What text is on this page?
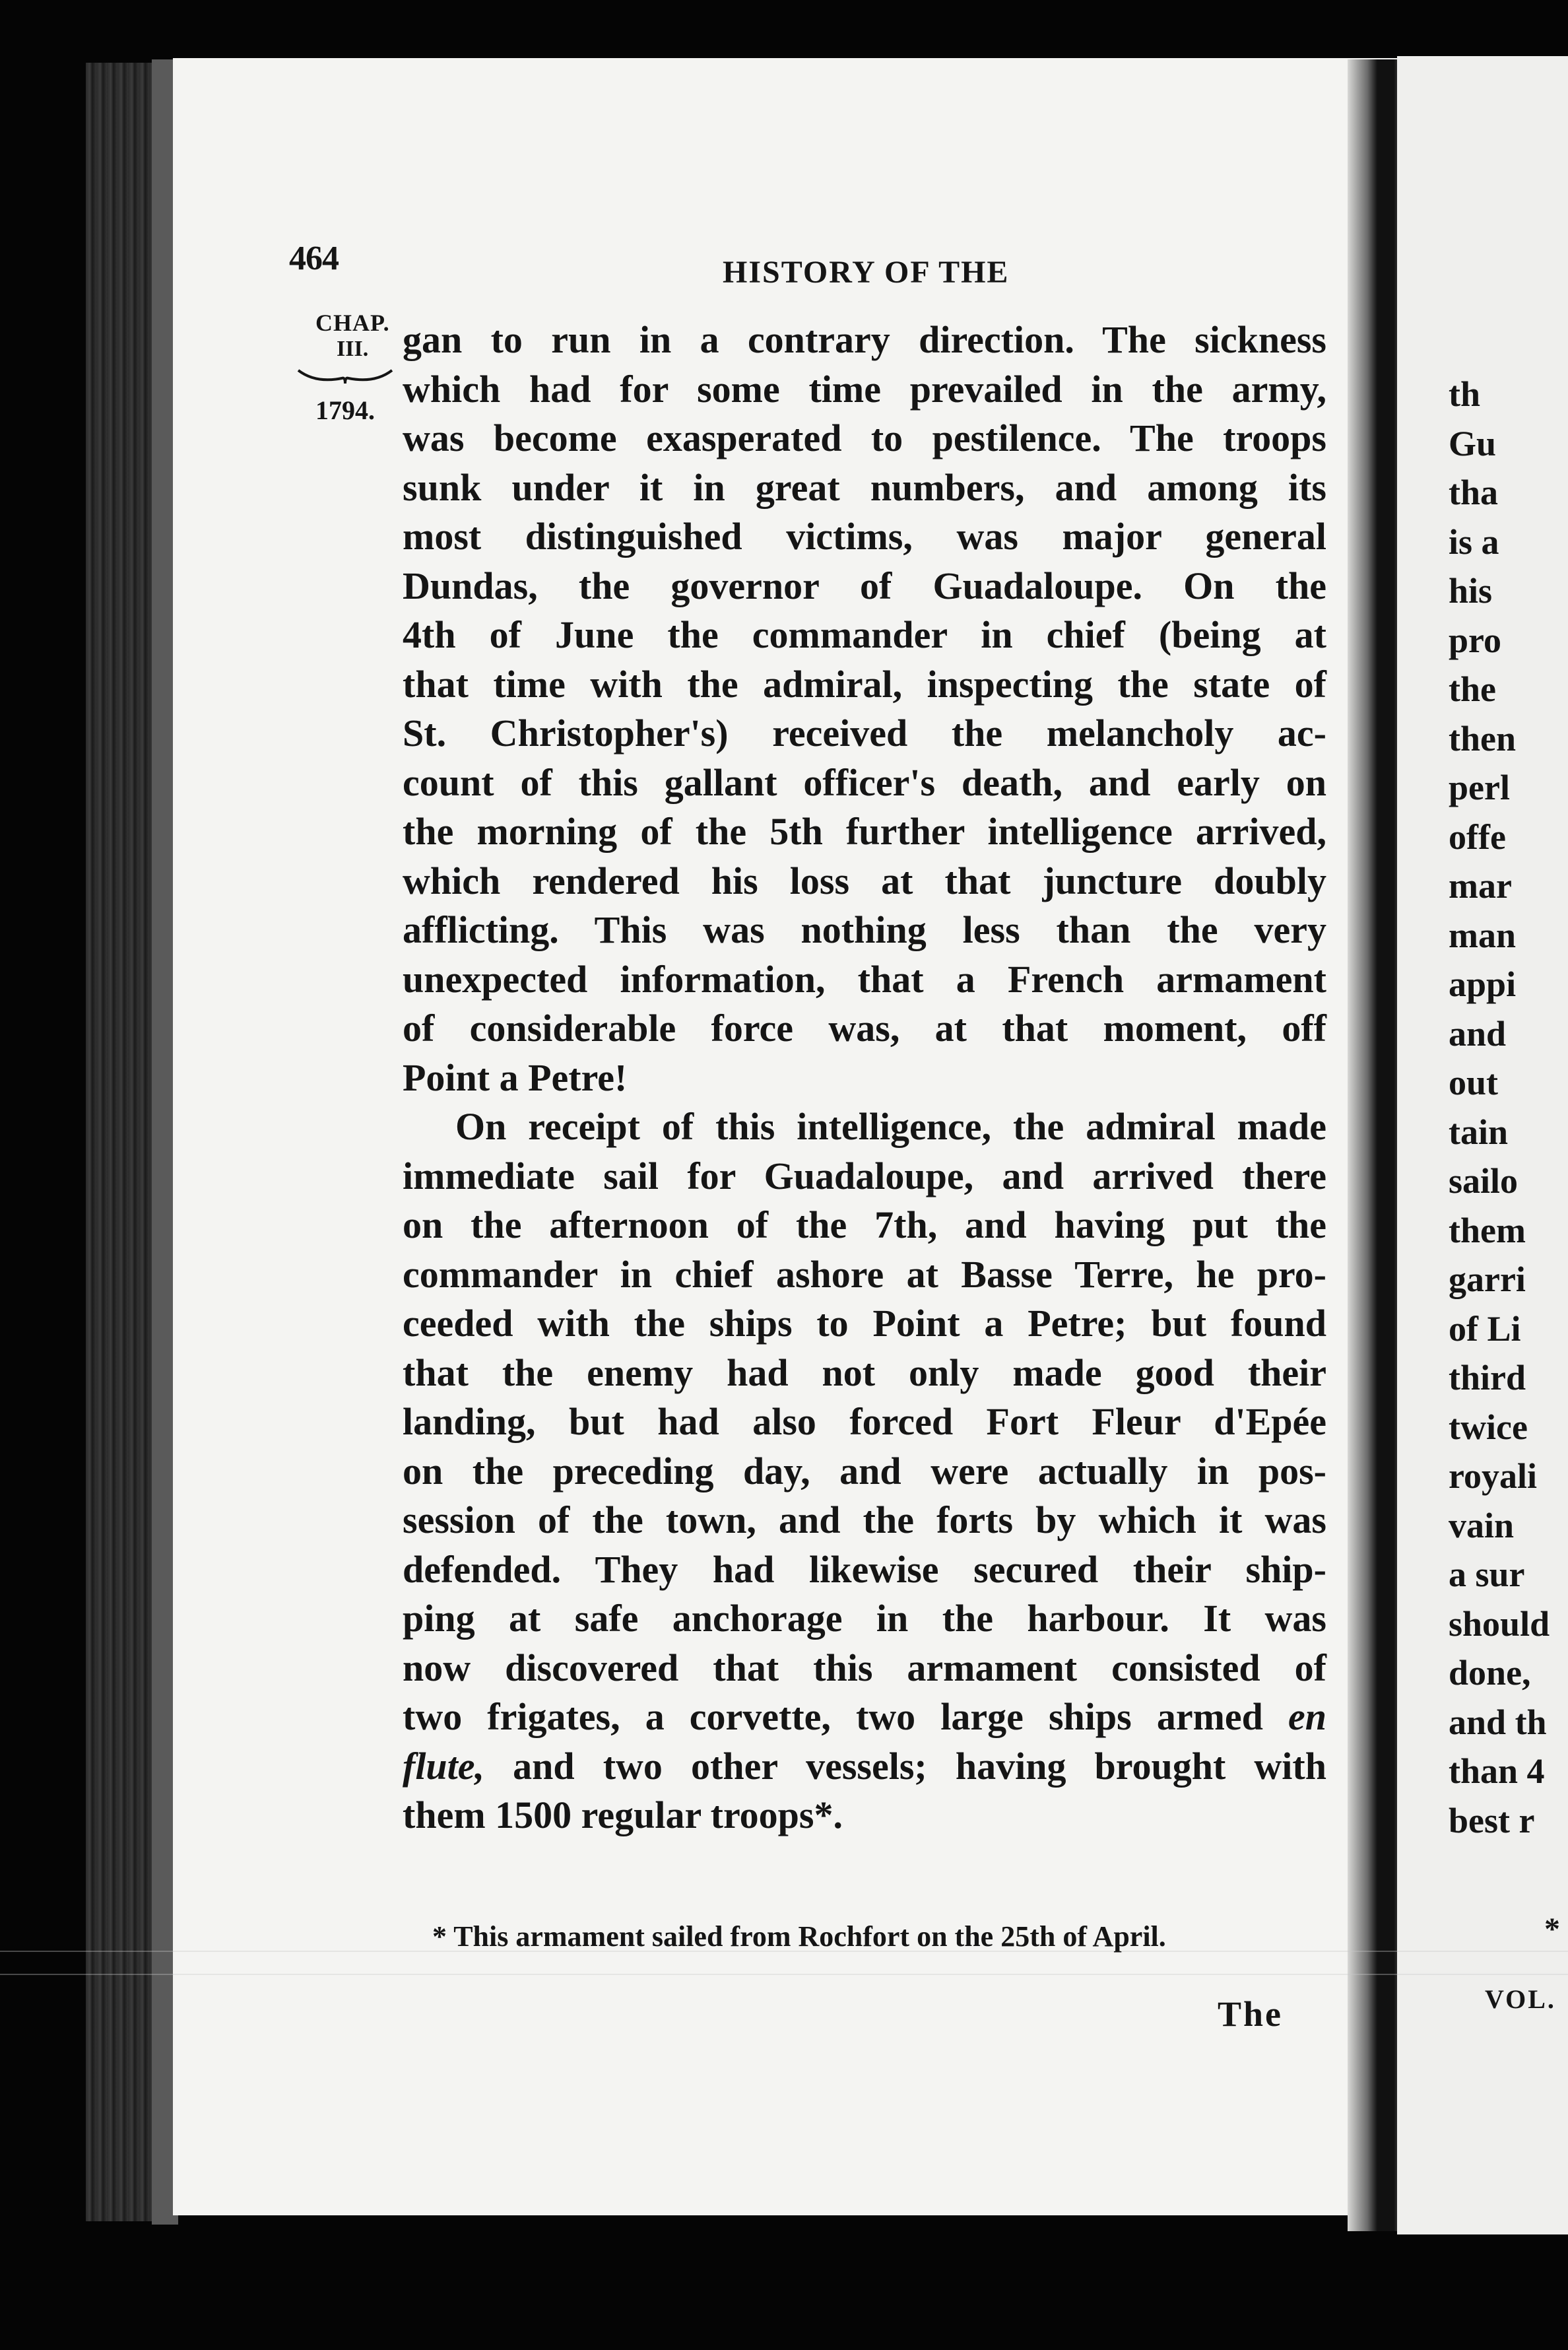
464	HISTORY OF THE
CHAP.
III.
1794.
gan to run in a contrary direction. The sickness
which had for some time prevailed in the army,
was become exasperated to pestilence. The troops
sunk under it in great numbers, and among its
most distinguished victims, was major general
Dundas, the governor of Guadaloupe. On the
4th of June the commander in chief (being at
that time with the admiral, inspecting the state of
St. Christopher's) received the melancholy ac-
count of this gallant officer's death, and early on
the morning of the 5th further intelligence arrived,
which rendered his loss at that juncture doubly
afflicting. This was nothing less than the very
unexpected information, that a French armament
of considerable force was, at that moment, off
Point a Petre!
On receipt of this intelligence, the admiral made
immediate sail for Guadaloupe, and arrived there
on the afternoon of the 7th, and having put the
commander in chief ashore at Basse Terre, he pro-
ceeded with the ships to Point a Petre; but found
that the enemy had not only made good their
landing, but had also forced Fort Fleur d'Epée
on the preceding day, and were actually in pos-
session of the town, and the forts by which it was
defended. They had likewise secured their ship-
ping at safe anchorage in the harbour. It was
now discovered that this armament consisted of
two frigates, a corvette, two large ships armed en
flute, and two other vessels; having brought with
them 1500 regular troops*.
* This armament sailed from Rochfort on the 25th of April.
The
th
Gu
tha
is a
his
pro
the
then
perl
offe
mar
man
appi
and
out
tain
sailo
them
garri
of Li
third
twice
royali
vain
a sur
should
done,
and th
than 4
best r
*
VOL.
